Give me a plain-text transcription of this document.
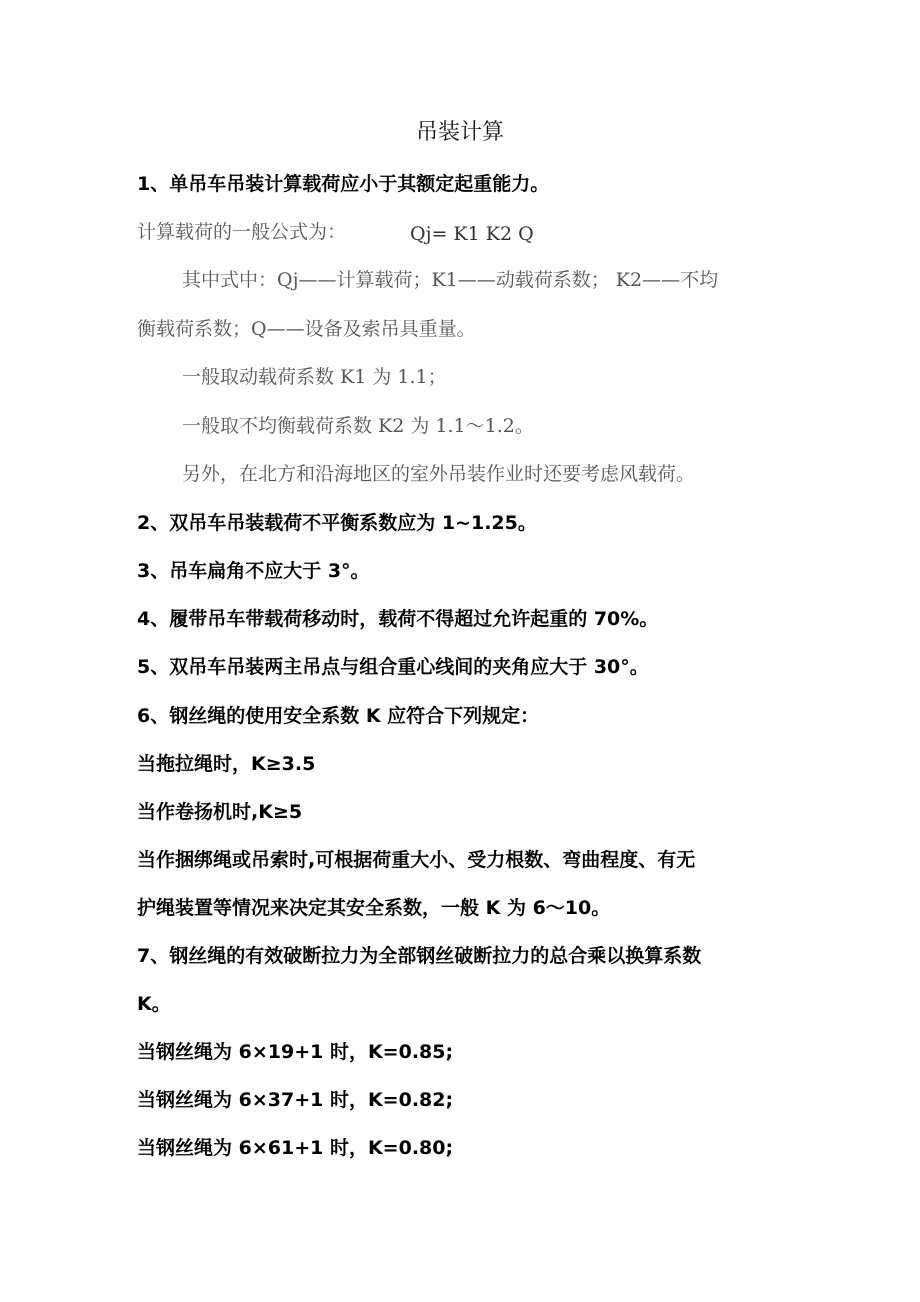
吊装计算
1、单吊车吊装计算载荷应小于其额定起重能力。
计算载荷的一般公式为：	Qj= K1 K2 Q
其中式中：Qj——计算载荷；K1——动载荷系数； K2——不均
衡载荷系数；Q——设备及索吊具重量。
一般取动载荷系数 K1 为 1.1；
一般取不均衡载荷系数 K2 为 1.1～1.2。
另外，在北方和沿海地区的室外吊装作业时还要考虑风载荷。
2、双吊车吊装载荷不平衡系数应为 1~1.25。
3、吊车扁角不应大于 3°。
4、履带吊车带载荷移动时，载荷不得超过允许起重的 70%。
5、双吊车吊装两主吊点与组合重心线间的夹角应大于 30°。
6、钢丝绳的使用安全系数 K 应符合下列规定：
当拖拉绳时，K≥3.5
当作卷扬机时,K≥5
当作捆绑绳或吊索时,可根据荷重大小、受力根数、弯曲程度、有无
护绳装置等情况来决定其安全系数，一般 K 为 6～10。
7、钢丝绳的有效破断拉力为全部钢丝破断拉力的总合乘以换算系数
K。
当钢丝绳为 6×19+1 时，K=0.85;
当钢丝绳为 6×37+1 时，K=0.82;
当钢丝绳为 6×61+1 时，K=0.80;
